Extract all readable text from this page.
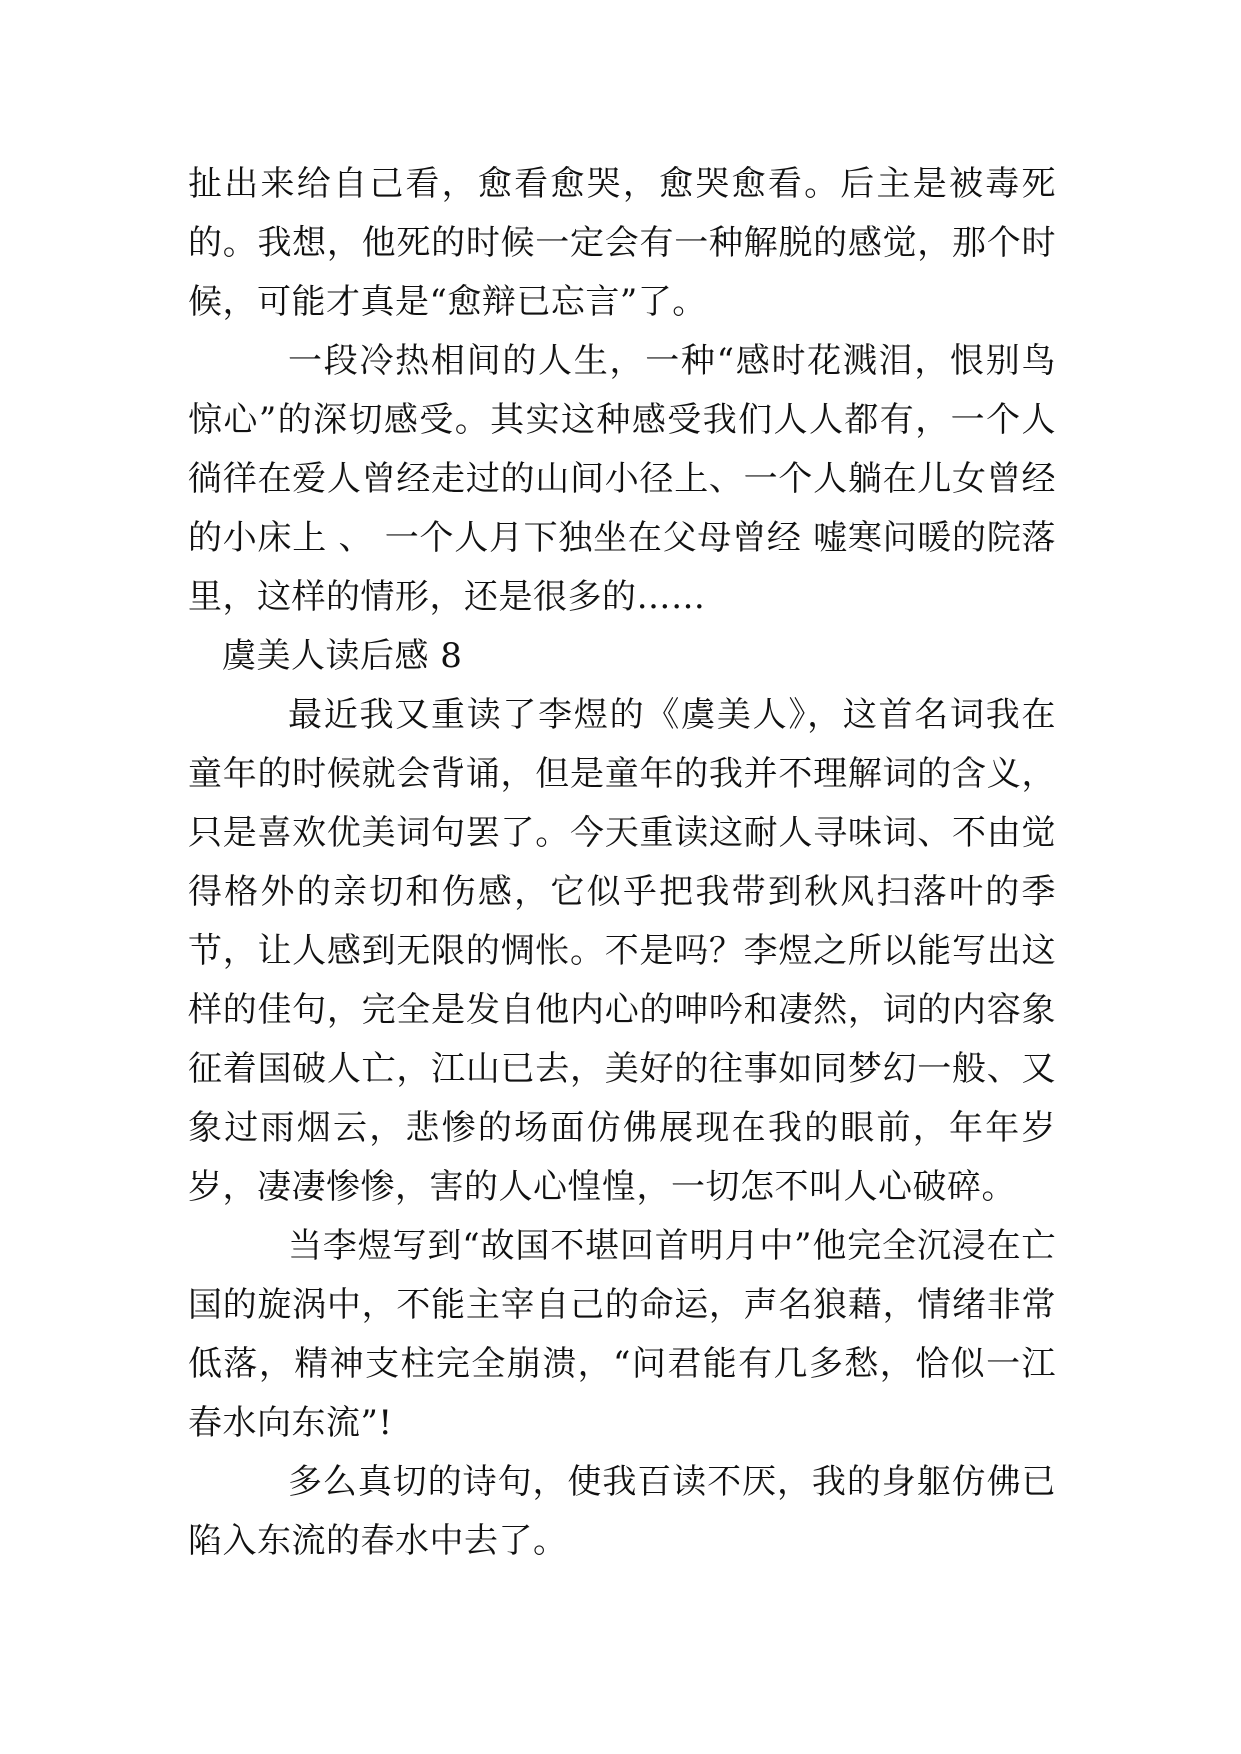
扯出来给自己看，愈看愈哭，愈哭愈看。后主是被毒死的。我想，他死的时候一定会有一种解脱的感觉，那个时候，可能才真是“愈辩已忘言”了。

一段冷热相间的人生，一种“感时花溅泪，恨别鸟惊心”的深切感受。其实这种感受我们人人都有，一个人徜徉在爱人曾经走过的山间小径上、一个人躺在儿女曾经的小床上 、 一个人月下独坐在父母曾经 嘘寒问暖的院落里，这样的情形，还是很多的……

虞美人读后感 8

最近我又重读了李煜的《虞美人》，这首名词我在童年的时候就会背诵，但是童年的我并不理解词的含义，只是喜欢优美词句罢了。今天重读这耐人寻味词、不由觉得格外的亲切和伤感，它似乎把我带到秋风扫落叶的季节，让人感到无限的惆怅。不是吗？李煜之所以能写出这样的佳句，完全是发自他内心的呻吟和凄然，词的内容象征着国破人亡，江山已去，美好的往事如同梦幻一般、又象过雨烟云，悲惨的场面仿佛展现在我的眼前，年年岁岁，凄凄惨惨，害的人心惶惶，一切怎不叫人心破碎。

当李煜写到“故国不堪回首明月中”他完全沉浸在亡国的旋涡中，不能主宰自己的命运，声名狼藉，情绪非常低落，精神支柱完全崩溃，“问君能有几多愁，恰似一江春水向东流”!

多么真切的诗句，使我百读不厌，我的身躯仿佛已陷入东流的春水中去了。
